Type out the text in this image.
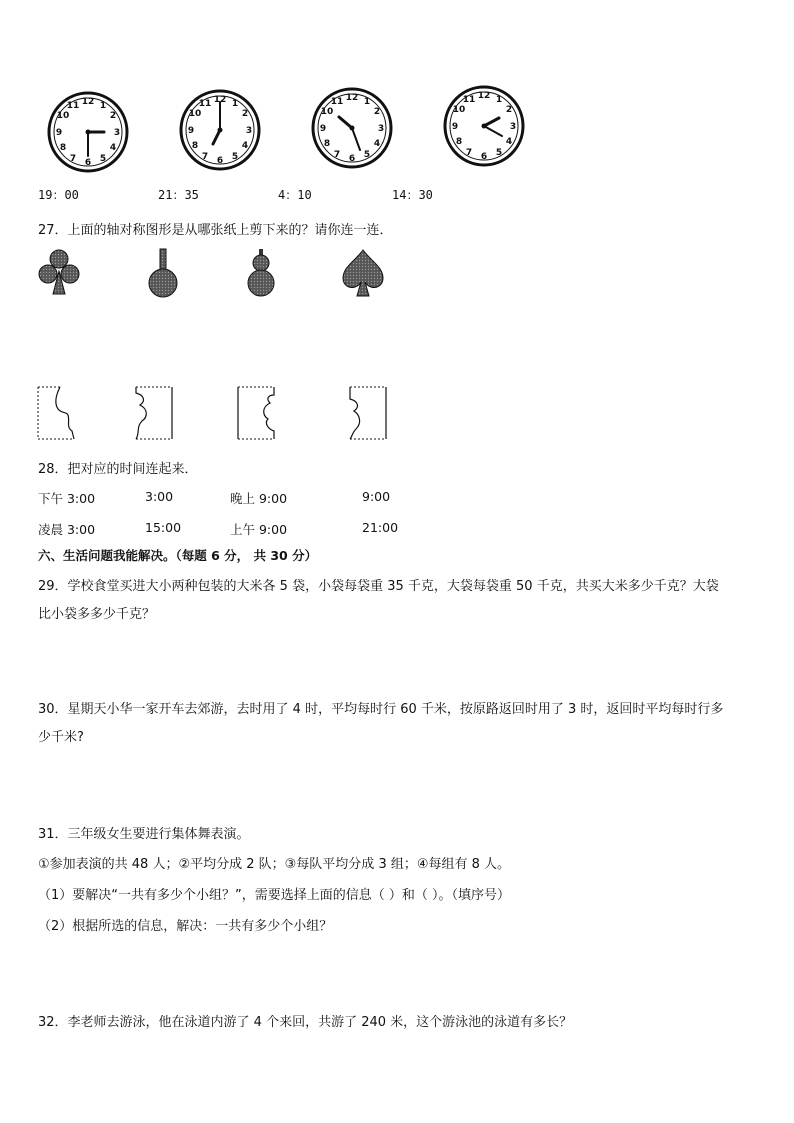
12 1
2
3
4
5
6
7
8
9
10
11
12 1
2
3
4
5
6
7
8
9
10
11
12 1
2
3
4
5
6
7
8
9
10
11
12 1
2
3
4
5
6
7
8
9
10
11
19：00	21：35	4：10	14：30
27．上面的轴对称图形是从哪张纸上剪下来的？请你连一连．
28．把对应的时间连起来．
下午 3:00	3:00	晚上 9:00	9:00
凌晨 3:00	15:00	上午 9:00	21:00
六、生活问题我能解决。（每题 6 分， 共 30 分）
29．学校食堂买进大小两种包装的大米各 5 袋，小袋每袋重 35 千克，大袋每袋重 50 千克，共买大米多少千克？大袋
比小袋多多少千克？
30．星期天小华一家开车去郊游，去时用了 4 时，平均每时行 60 千米，按原路返回时用了 3 时，返回时平均每时行多
少千米?
31．三年级女生要进行集体舞表演。
①参加表演的共 48 人；②平均分成 2 队；③每队平均分成 3 组；④每组有 8 人。
（1）要解决“一共有多少个小组？”，需要选择上面的信息（ ）和（ ）。（填序号）
（2）根据所选的信息，解决：一共有多少个小组？
32．李老师去游泳，他在泳道内游了 4 个来回，共游了 240 米，这个游泳池的泳道有多长？
